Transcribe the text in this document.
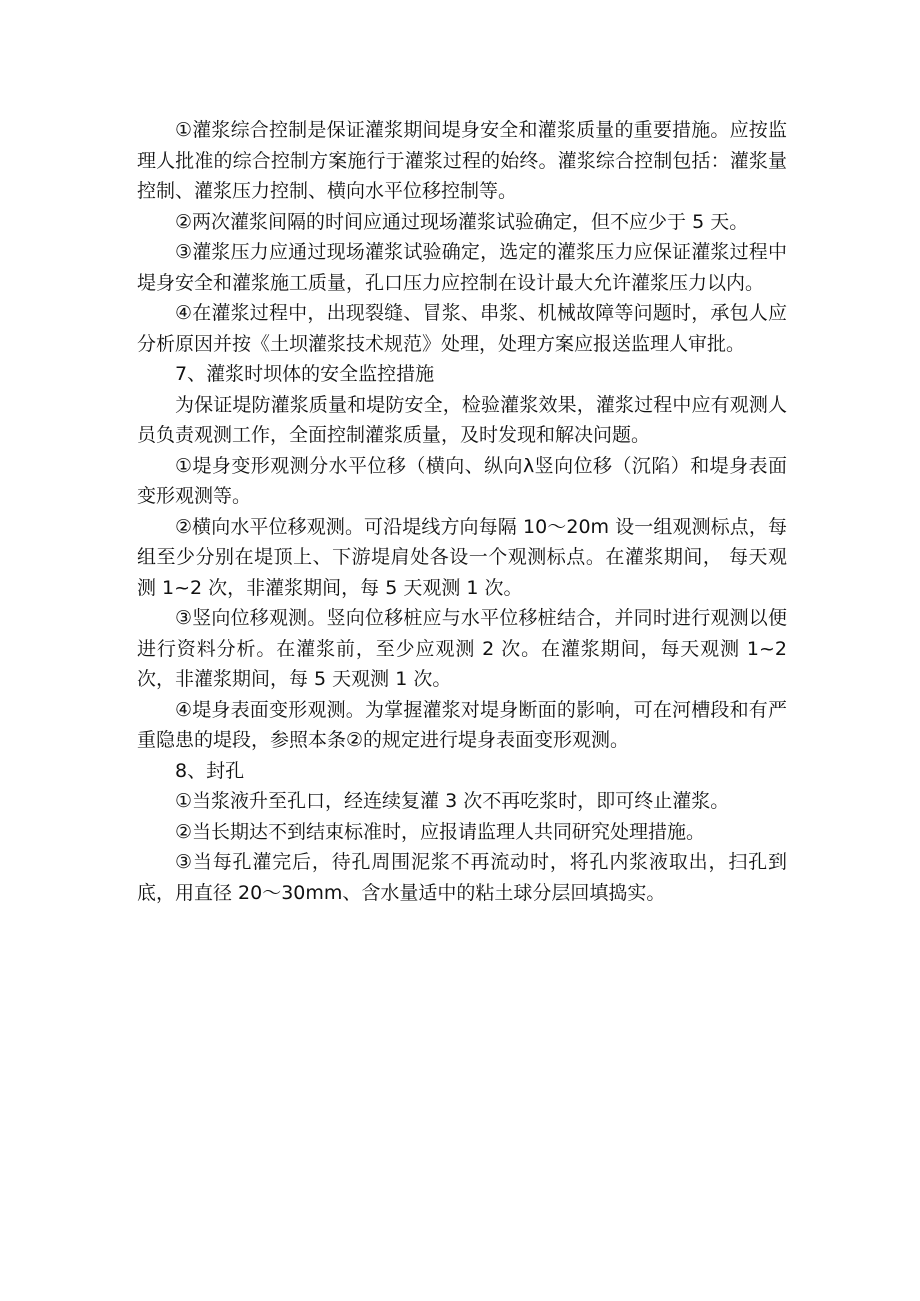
①灌浆综合控制是保证灌浆期间堤身安全和灌浆质量的重要措施。应按监理人批准的综合控制方案施行于灌浆过程的始终。灌浆综合控制包括：灌浆量控制、灌浆压力控制、横向水平位移控制等。

②两次灌浆间隔的时间应通过现场灌浆试验确定，但不应少于 5 天。

③灌浆压力应通过现场灌浆试验确定，选定的灌浆压力应保证灌浆过程中堤身安全和灌浆施工质量，孔口压力应控制在设计最大允许灌浆压力以内。

④在灌浆过程中，出现裂缝、冒浆、串浆、机械故障等问题时，承包人应分析原因并按《土坝灌浆技术规范》处理，处理方案应报送监理人审批。

7、灌浆时坝体的安全监控措施

为保证堤防灌浆质量和堤防安全，检验灌浆效果，灌浆过程中应有观测人员负责观测工作，全面控制灌浆质量，及时发现和解决问题。

①堤身变形观测分水平位移（横向、纵向λ竖向位移（沉陷）和堤身表面变形观测等。

②横向水平位移观测。可沿堤线方向每隔 10～20m 设一组观测标点，每组至少分别在堤顶上、下游堤肩处各设一个观测标点。在灌浆期间， 每天观测 1~2 次，非灌浆期间，每 5 天观测 1 次。

③竖向位移观测。竖向位移桩应与水平位移桩结合，并同时进行观测以便进行资料分析。在灌浆前，至少应观测 2 次。在灌浆期间，每天观测 1~2 次，非灌浆期间，每 5 天观测 1 次。

④堤身表面变形观测。为掌握灌浆对堤身断面的影响，可在河槽段和有严重隐患的堤段，参照本条②的规定进行堤身表面变形观测。

8、封孔

①当浆液升至孔口，经连续复灌 3 次不再吃浆时，即可终止灌浆。

②当长期达不到结束标准时，应报请监理人共同研究处理措施。

③当每孔灌完后，待孔周围泥浆不再流动时，将孔内浆液取出，扫孔到底，用直径 20～30mm、含水量适中的粘土球分层回填捣实。
